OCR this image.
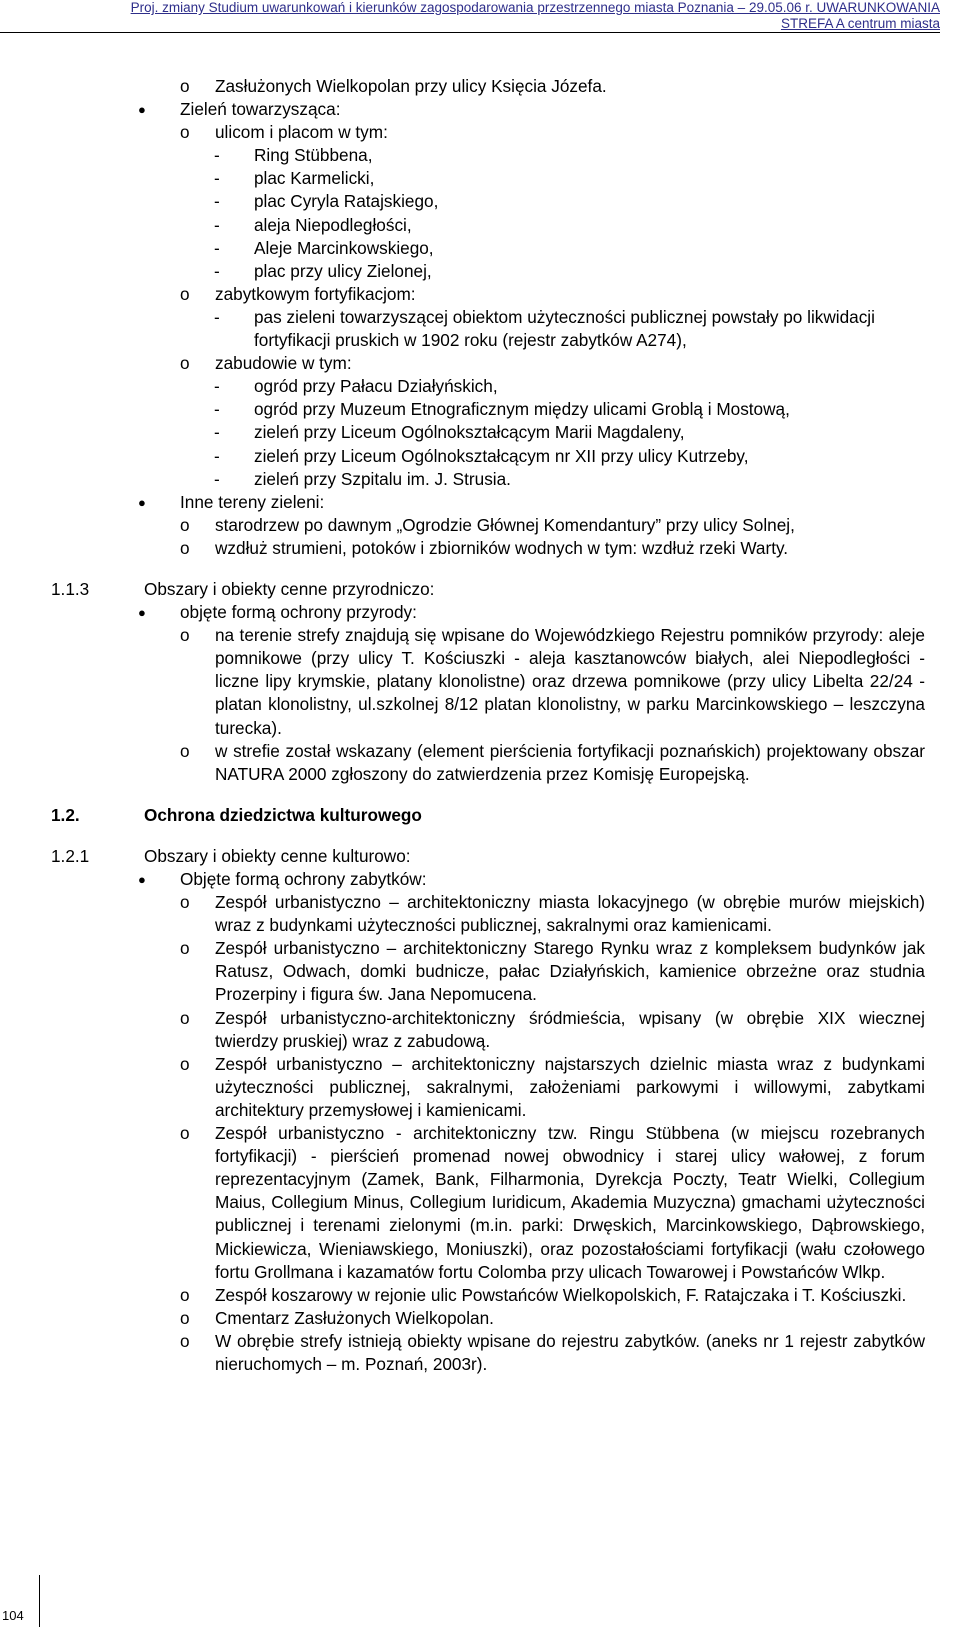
Proj. zmiany Studium uwarunkowań i kierunków zagospodarowania przestrzennego miasta Poznania – 29.05.06 r. UWARUNKOWANIA
STREFA A centrum miasta
o Zasłużonych Wielkopolan przy ulicy Księcia Józefa.
● Zieleń towarzysząca:
o ulicom i placom w tym:
- Ring Stübbena,
- plac Karmelicki,
- plac Cyryla Ratajskiego,
- aleja Niepodległości,
- Aleje Marcinkowskiego,
- plac przy ulicy Zielonej,
o zabytkowym fortyfikacjom:
- pas zieleni towarzyszącej obiektom użyteczności publicznej powstały po likwidacji fortyfikacji pruskich w 1902 roku (rejestr zabytków A274),
o zabudowie w tym:
- ogród przy Pałacu Działyńskich,
- ogród przy Muzeum Etnograficznym między ulicami Groblą i Mostową,
- zieleń przy Liceum Ogólnokształcącym Marii Magdaleny,
- zieleń przy Liceum Ogólnokształcącym nr XII przy ulicy Kutrzeby,
- zieleń przy Szpitalu im. J. Strusia.
● Inne tereny zieleni:
o starodrzew po dawnym „Ogrodzie Głównej Komendantury” przy ulicy Solnej,
o wzdłuż strumieni, potoków i zbiorników wodnych w tym: wzdłuż rzeki Warty.
1.1.3	Obszary i obiekty cenne przyrodniczo:
● objęte formą ochrony przyrody:
o na terenie strefy znajdują się wpisane do Wojewódzkiego Rejestru pomników przyrody: aleje pomnikowe (przy ulicy T. Kościuszki - aleja kasztanowców białych, alei Niepodległości - liczne lipy krymskie, platany klonolistne) oraz drzewa pomnikowe (przy ulicy Libelta 22/24 - platan klonolistny, ul.szkolnej 8/12 platan klonolistny, w parku Marcinkowskiego – leszczyna turecka).
o w strefie został wskazany (element pierścienia fortyfikacji poznańskich) projektowany obszar NATURA 2000 zgłoszony do zatwierdzenia przez Komisję Europejską.
1.2.	Ochrona dziedzictwa kulturowego
1.2.1	Obszary i obiekty cenne kulturowo:
● Objęte formą ochrony zabytków:
o Zespół urbanistyczno – architektoniczny miasta lokacyjnego (w obrębie murów miejskich) wraz z budynkami użyteczności publicznej, sakralnymi oraz kamienicami.
o Zespół urbanistyczno – architektoniczny Starego Rynku wraz z kompleksem budynków jak Ratusz, Odwach, domki budnicze, pałac Działyńskich, kamienice obrzeżne oraz studnia Prozerpiny i figura św. Jana Nepomucena.
o Zespół urbanistyczno-architektoniczny śródmieścia, wpisany (w obrębie XIX wiecznej twierdzy pruskiej) wraz z zabudową.
o Zespół urbanistyczno – architektoniczny najstarszych dzielnic miasta wraz z budynkami użyteczności publicznej, sakralnymi, założeniami parkowymi i willowymi, zabytkami architektury przemysłowej i kamienicami.
o Zespół urbanistyczno - architektoniczny tzw. Ringu Stübbena (w miejscu rozebranych fortyfikacji) - pierścień promenad nowej obwodnicy i starej ulicy wałowej, z forum reprezentacyjnym (Zamek, Bank, Filharmonia, Dyrekcja Poczty, Teatr Wielki, Collegium Maius, Collegium Minus, Collegium Iuridicum, Akademia Muzyczna) gmachami użyteczności publicznej i terenami zielonymi (m.in. parki: Drwęskich, Marcinkowskiego, Dąbrowskiego, Mickiewicza, Wieniawskiego, Moniuszki), oraz pozostałościami fortyfikacji (wału czołowego fortu Grollmana i kazamatów fortu Colomba przy ulicach Towarowej i Powstańców Wlkp.
o Zespół koszarowy w rejonie ulic Powstańców Wielkopolskich, F. Ratajczaka i T. Kościuszki.
o Cmentarz Zasłużonych Wielkopolan.
o W obrębie strefy istnieją obiekty wpisane do rejestru zabytków. (aneks nr 1 rejestr zabytków nieruchomych – m. Poznań, 2003r).
104
